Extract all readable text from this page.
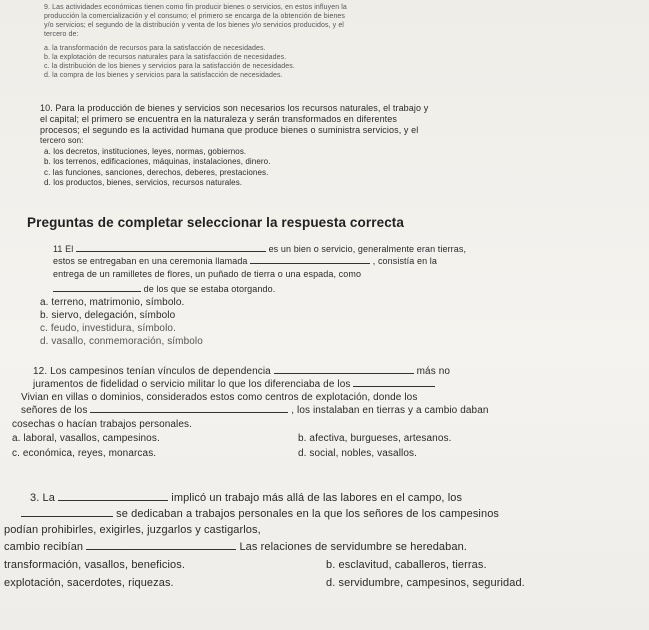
9. Las actividades económicas tienen como fin producir bienes o servicios, en estos influyen la
producción la comercialización y el consumo; el primero se encarga de la obtención de bienes
y/o servicios; el segundo de la distribución y venta de los bienes y/o servicios producidos, y el
tercero de:
a. la transformación de recursos para la satisfacción de necesidades.
b. la explotación de recursos naturales para la satisfacción de necesidades.
c. la distribución de los bienes y servicios para la satisfacción de necesidades.
d. la compra de los bienes y servicios para la satisfacción de necesidades.
10. Para la producción de bienes y servicios son necesarios los recursos naturales, el trabajo y
el capital; el primero se encuentra en la naturaleza y serán transformados en diferentes
procesos; el segundo es la actividad humana que produce bienes o suministra servicios, y el
tercero son:
a. los decretos, instituciones, leyes, normas, gobiernos.
b. los terrenos, edificaciones, máquinas, instalaciones, dinero.
c. las funciones, sanciones, derechos, deberes, prestaciones.
d. los productos, bienes, servicios, recursos naturales.
Preguntas de completar seleccionar la respuesta correcta
11 El	es un bien o servicio, generalmente eran tierras,
estos se entregaban en una ceremonia llamada	, consistía en la
entrega de un ramilletes de flores, un puñado de tierra o una espada, como
de los que se estaba otorgando.
a. terreno, matrimonio, símbolo.
b. siervo, delegación, símbolo
c. feudo, investidura, símbolo.
d. vasallo, conmemoración, símbolo
12. Los campesinos tenían vínculos de dependencia	más no
juramentos de fidelidad o servicio militar lo que los diferenciaba de los
Vivian en villas o dominios, considerados estos como centros de explotación, donde los
señores de los	, los instalaban en tierras y a cambio daban
cosechas o hacían trabajos personales.
a. laboral, vasallos, campesinos.	b. afectiva, burgueses, artesanos.
c. económica, reyes, monarcas.	d. social, nobles, vasallos.
3. La	implicó un trabajo más allá de las labores en el campo, los
se dedicaban a trabajos personales en la que los señores de los campesinos
podían prohibirles, exigirles, juzgarlos y castigarlos,
cambio recibían	Las relaciones de servidumbre se heredaban.
transformación, vasallos, beneficios.	b. esclavitud, caballeros, tierras.
explotación, sacerdotes, riquezas.	d. servidumbre, campesinos, seguridad.
